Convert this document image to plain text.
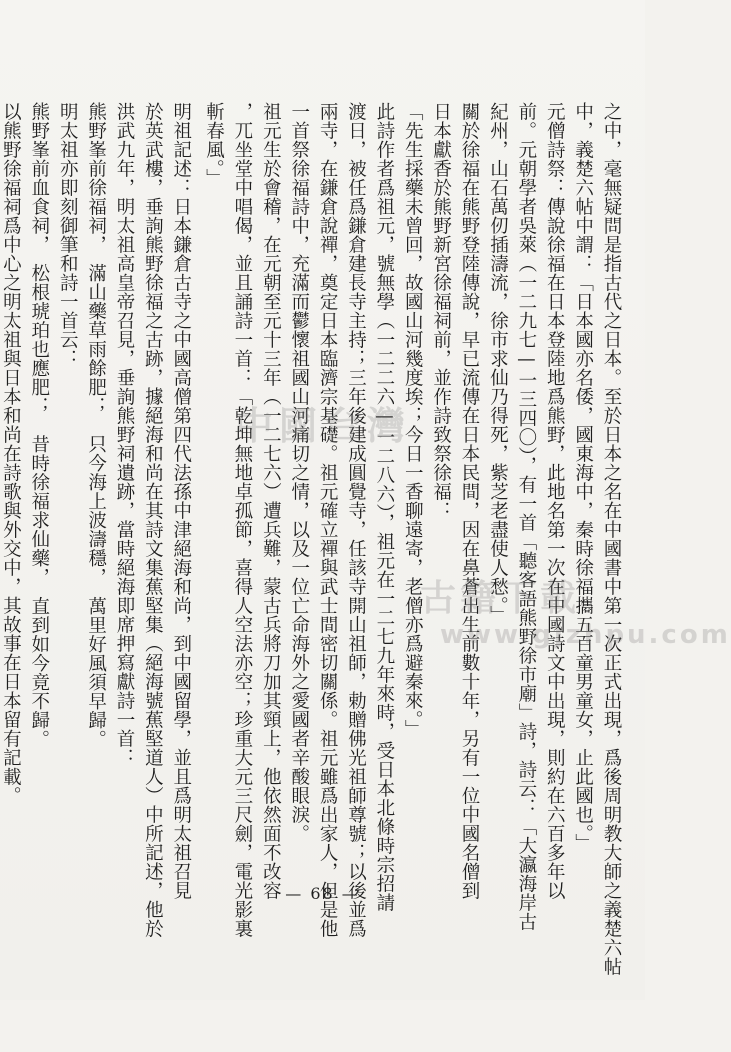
之中，毫無疑問是指古代之日本。至於日本之名在中國書中第一次正式出現，爲後周明教大師之義楚六帖
中，義楚六帖中謂：「日本國亦名倭，國東海中，秦時徐福攜五百童男童女，止此國也。」
元僧詩祭：傳說徐福在日本登陸地爲熊野，此地名第一次在中國詩文中出現，則約在六百多年以
前。元朝學者吳萊（一二九七—一三四〇），有一首「聽客語熊野徐市廟」詩，詩云：「大瀛海岸古
紀州，山石萬仞插濤流，徐市求仙乃得死，紫芝老盡使人愁。」
關於徐福在熊野登陸傳說，早已流傳在日本民間，因在鼻蒼出生前數十年，另有一位中國名僧到
日本獻香於熊野新宮徐福祠前，並作詩致祭徐福：
「先生採藥未曾回，故國山河幾度埃；今日一香聊遠寄，老僧亦爲避秦來。」
此詩作者爲祖元，號無學（一二二六—一二八六），祖元在一二七九年來時，受日本北條時宗招請
渡日，被任爲鎌倉建長寺主持；三年後建成圓覺寺，任該寺開山祖師，勅贈佛光祖師尊號；以後並爲
兩寺，在鎌倉說禪，奠定日本臨濟宗基礎。祖元確立禪與武士間密切關係。祖元雖爲出家人，但是他
一首祭徐福詩中，充滿而鬱懷祖國山河痛切之情，以及一位亡命海外之愛國者辛酸眼淚。
祖元生於會稽，在元朝至元十三年（一二七六）遭兵難，蒙古兵將刀加其頸上，他依然面不改容
，兀坐堂中唱偈，並且誦詩一首：「乾坤無地卓孤節，喜得人空法亦空；珍重大元三尺劍，電光影裏
斬春風。」
明祖記述：日本鎌倉古寺之中國高僧第四代法孫中津絕海和尚，到中國留學，並且爲明太祖召見
於英武樓，垂詢熊野徐福之古跡，據絕海和尚在其詩文集蕉堅集（絕海號蕉堅道人）中所記述，他於
洪武九年，明太祖高皇帝召見，垂詢熊野祠遺跡，當時絕海即席押寫獻詩一首：
熊野峯前徐福祠，　滿山藥草雨餘肥；　只今海上波濤穩，　萬里好風須早歸。
明太祖亦即刻御筆和詩一首云：
熊野峯前血食祠，　松根琥珀也應肥；　昔時徐福求仙藥，　直到如今竟不歸。
以熊野徐福祠爲中心之明太祖與日本和尚在詩歌與外交中，其故事在日本留有記載。	中國台灣
古籍下載
www.gjzhpu.com
— 68 —
